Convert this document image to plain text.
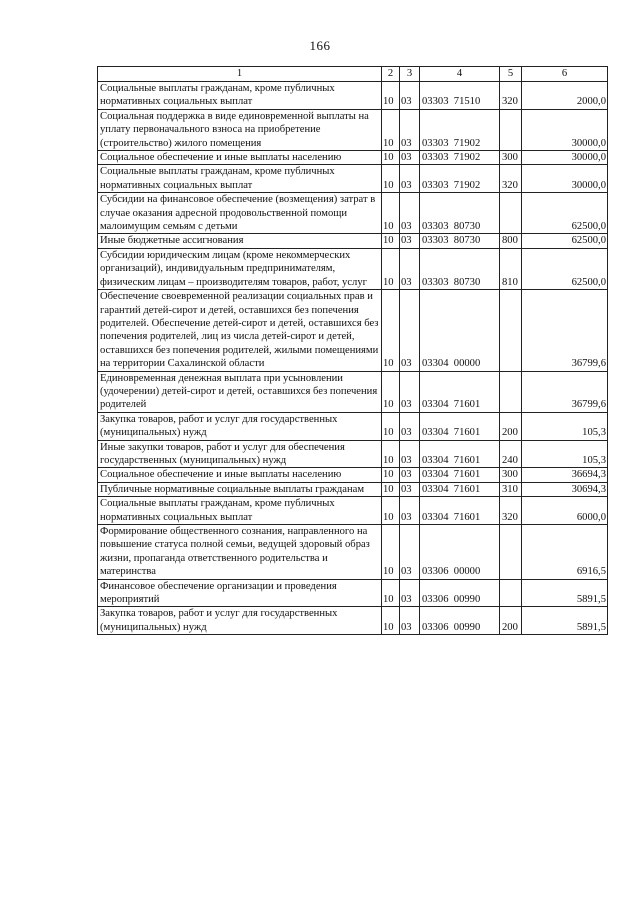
166
1	2	3	4	5	6
Социальные выплаты гражданам, кроме публичных нормативных социальных выплат	10	03	03303  71510	320	2000,0
Социальная поддержка в виде единовременной выплаты на уплату первоначального взноса на приобретение (строительство) жилого помещения	10	03	03303  71902		30000,0
Социальное обеспечение и иные выплаты населению	10	03	03303  71902	300	30000,0
Социальные выплаты гражданам, кроме публичных нормативных социальных выплат	10	03	03303  71902	320	30000,0
Субсидии на финансовое обеспечение (возмещения) затрат в случае оказания адресной продовольственной помощи малоимущим семьям с детьми	10	03	03303  80730		62500,0
Иные бюджетные ассигнования	10	03	03303  80730	800	62500,0
Субсидии юридическим лицам (кроме некоммерческих организаций), индивидуальным предпринимателям, физическим лицам – производителям товаров, работ, услуг	10	03	03303  80730	810	62500,0
Обеспечение своевременной реализации социальных прав и гарантий детей-сирот и детей, оставшихся без попечения родителей. Обеспечение детей-сирот и детей, оставшихся без попечения родителей, лиц из числа детей-сирот и детей, оставшихся без попечения родителей, жилыми помещениями на территории Сахалинской области	10	03	03304  00000		36799,6
Единовременная денежная выплата при усыновлении (удочерении) детей-сирот и детей, оставшихся без попечения родителей	10	03	03304  71601		36799,6
Закупка товаров, работ и услуг для государственных (муниципальных) нужд	10	03	03304  71601	200	105,3
Иные закупки товаров, работ и услуг для обеспечения государственных (муниципальных) нужд	10	03	03304  71601	240	105,3
Социальное обеспечение и иные выплаты населению	10	03	03304  71601	300	36694,3
Публичные нормативные социальные выплаты гражданам	10	03	03304  71601	310	30694,3
Социальные выплаты гражданам, кроме публичных нормативных социальных выплат	10	03	03304  71601	320	6000,0
Формирование общественного сознания, направленного на повышение статуса полной семьи, ведущей здоровый образ жизни, пропаганда ответственного родительства и материнства	10	03	03306  00000		6916,5
Финансовое обеспечение организации и проведения мероприятий	10	03	03306  00990		5891,5
Закупка товаров, работ и услуг для государственных (муниципальных) нужд	10	03	03306  00990	200	5891,5
